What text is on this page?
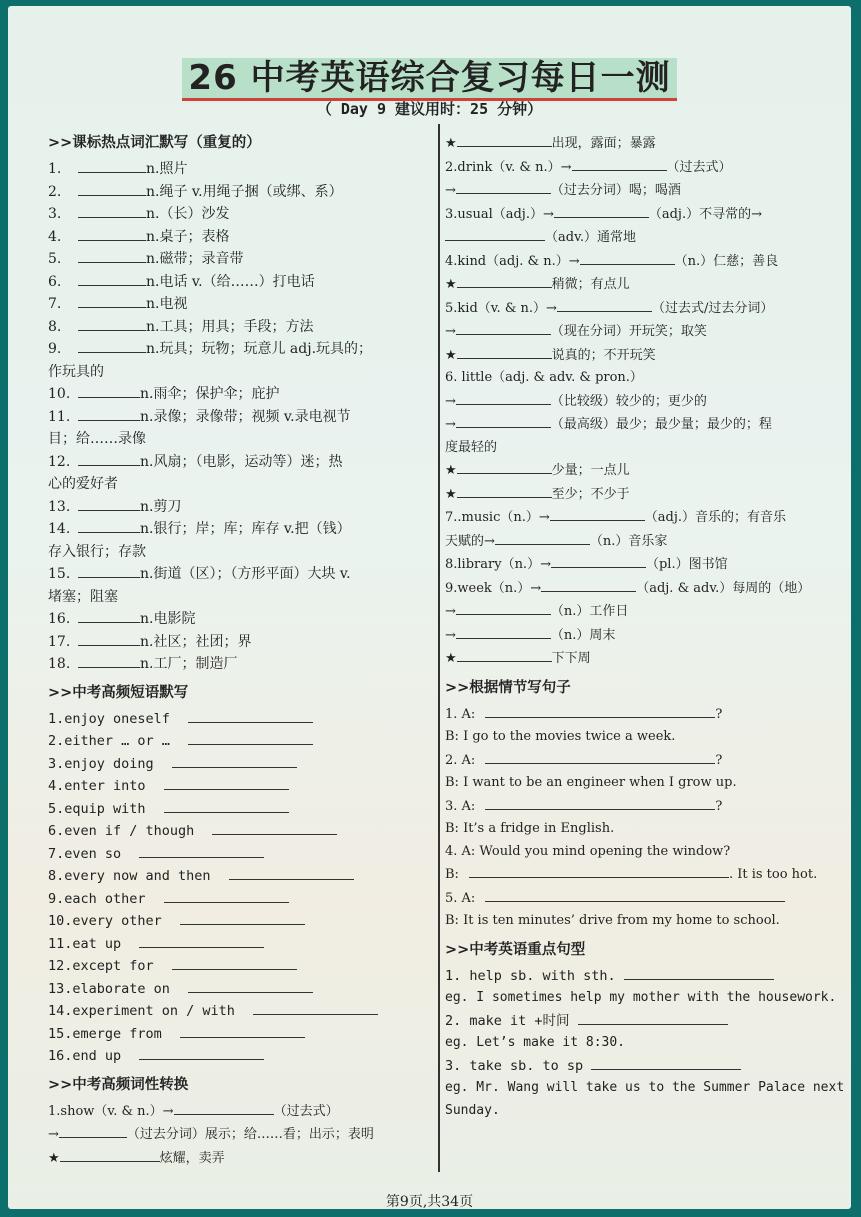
26 中考英语综合复习每日一测
（ Day 9 建议用时：25 分钟）
>>课标热点词汇默写（重复的）
1.	n.照片
2.	n.绳子 v.用绳子捆（或绑、系）
3.	n.（长）沙发
4.	n.桌子；表格
5.	n.磁带；录音带
6.	n.电话 v.（给……）打电话
7.	n.电视
8.	n.工具；用具；手段；方法
9.	n.玩具；玩物；玩意儿 adj.玩具的；
作玩具的
10.	n.雨伞；保护伞；庇护
11.	n.录像；录像带；视频 v.录电视节
目；给……录像
12.	n.风扇；（电影，运动等）迷；热
心的爱好者
13.	n.剪刀
14.	n.银行；岸；库；库存 v.把（钱）
存入银行；存款
15.	n.街道（区）；（方形平面）大块 v.
堵塞；阻塞
16.	n.电影院
17.	n.社区；社团；界
18.	n.工厂；制造厂
>>中考高频短语默写
1.enjoy oneself
2.either … or …
3.enjoy doing
4.enter into
5.equip with
6.even if / though
7.even so
8.every now and then
9.each other
10.every other
11.eat up
12.except for
13.elaborate on
14.experiment on / with
15.emerge from
16.end up
>>中考高频词性转换
1.show（v. & n.）→	（过去式）
→	（过去分词）展示；给……看；出示；表明
★	炫耀，卖弄
★	出现，露面；暴露
2.drink（v. & n.）→	（过去式）
→	（过去分词）喝；喝酒
3.usual（adj.）→	（adj.）不寻常的→
（adv.）通常地
4.kind（adj. & n.）→	（n.）仁慈；善良
★	稍微；有点儿
5.kid（v. & n.）→	（过去式/过去分词）
→	（现在分词）开玩笑；取笑
★	说真的；不开玩笑
6. little（adj. & adv. & pron.）
→	（比较级）较少的；更少的
→	（最高级）最少；最少量；最少的；程
度最轻的
★	少量；一点儿
★	至少；不少于
7..music（n.）→	（adj.）音乐的；有音乐
天赋的→	（n.）音乐家
8.library（n.）→	（pl.）图书馆
9.week（n.）→	（adj. & adv.）每周的（地）
→	（n.）工作日
→	（n.）周末
★	下下周
>>根据情节写句子
1. A:	?
B: I go to the movies twice a week.
2. A:	?
B: I want to be an engineer when I grow up.
3. A:	?
B: It’s a fridge in English.
4. A: Would you mind opening the window?
B:	. It is too hot.
5. A:
B: It is ten minutes’ drive from my home to school.
>>中考英语重点句型
1. help sb. with sth.
eg. I sometimes help my mother with the housework.
2. make it +时间
eg. Let’s make it 8:30.
3. take sb. to sp
eg. Mr. Wang will take us to the Summer Palace next
Sunday.
第9页,共34页
